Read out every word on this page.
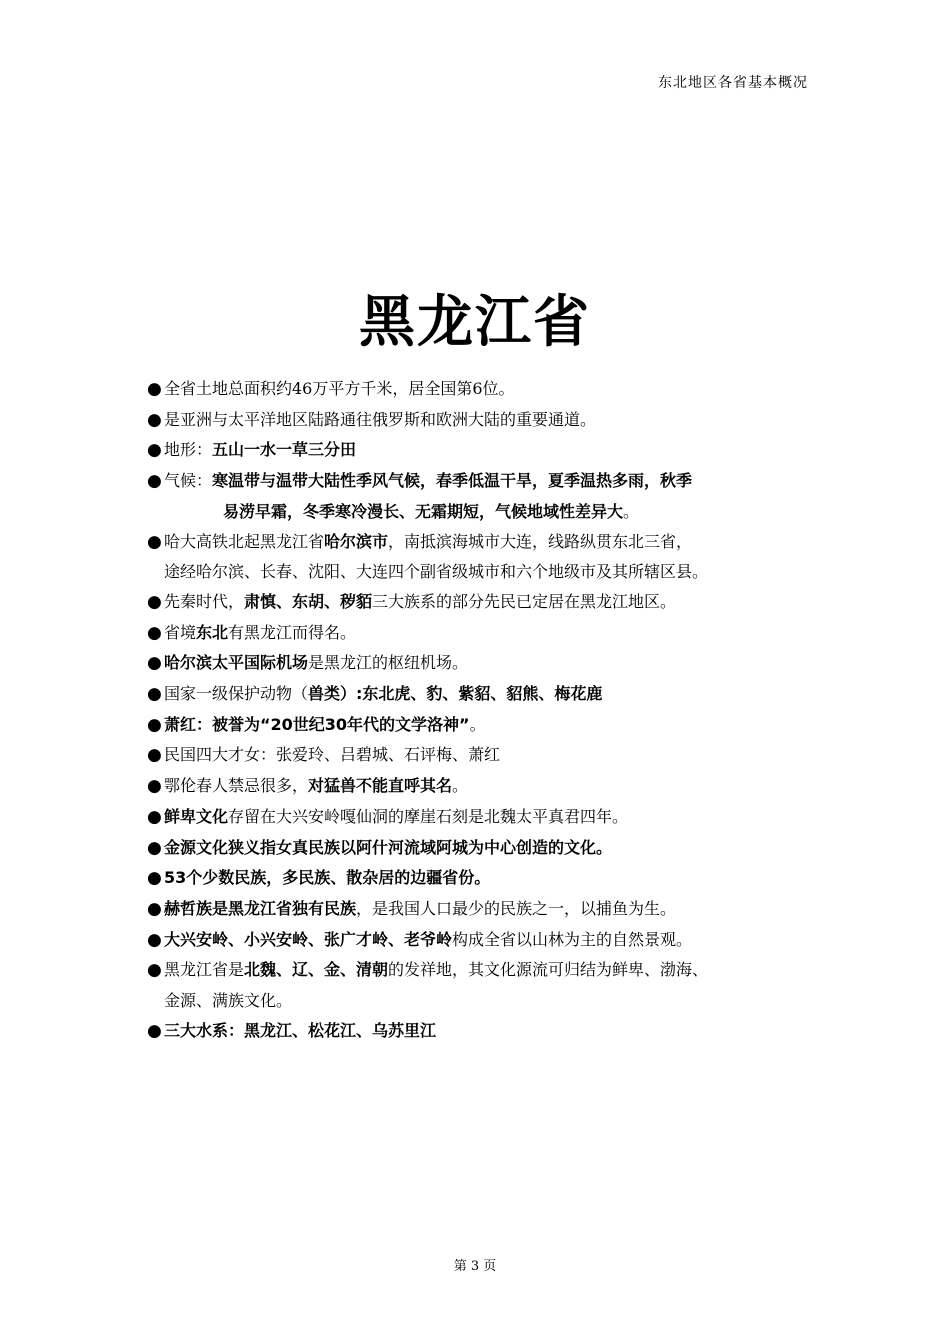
东北地区各省基本概况
黑龙江省

● 全省土地总面积约46万平方千米，居全国第6位。

● 是亚洲与太平洋地区陆路通往俄罗斯和欧洲大陆的重要通道。

● 地形：五山一水一草三分田

● 气候：寒温带与温带大陆性季风气候，春季低温干旱，夏季温热多雨，秋季

易涝早霜，冬季寒冷漫长、无霜期短，气候地域性差异大。

● 哈大高铁北起黑龙江省哈尔滨市，南抵滨海城市大连，线路纵贯东北三省，

途经哈尔滨、长春、沈阳、大连四个副省级城市和六个地级市及其所辖区县。

● 先秦时代，肃慎、东胡、秽貊三大族系的部分先民已定居在黑龙江地区。

● 省境东北有黑龙江而得名。

● 哈尔滨太平国际机场是黑龙江的枢纽机场。

● 国家一级保护动物（兽类）:东北虎、豹、紫貂、貂熊、梅花鹿

● 萧红：被誉为“20世纪30年代的文学洛神”。

● 民国四大才女：张爱玲、吕碧城、石评梅、萧红

● 鄂伦春人禁忌很多，对猛兽不能直呼其名。

● 鲜卑文化存留在大兴安岭嘎仙洞的摩崖石刻是北魏太平真君四年。

● 金源文化狭义指女真民族以阿什河流域阿城为中心创造的文化。

● 53个少数民族，多民族、散杂居的边疆省份。

● 赫哲族是黑龙江省独有民族，是我国人口最少的民族之一，以捕鱼为生。

● 大兴安岭、小兴安岭、张广才岭、老爷岭构成全省以山林为主的自然景观。

● 黑龙江省是北魏、辽、金、清朝的发祥地，其文化源流可归结为鲜卑、渤海、

金源、满族文化。

● 三大水系：黑龙江、松花江、乌苏里江

第 3 页
